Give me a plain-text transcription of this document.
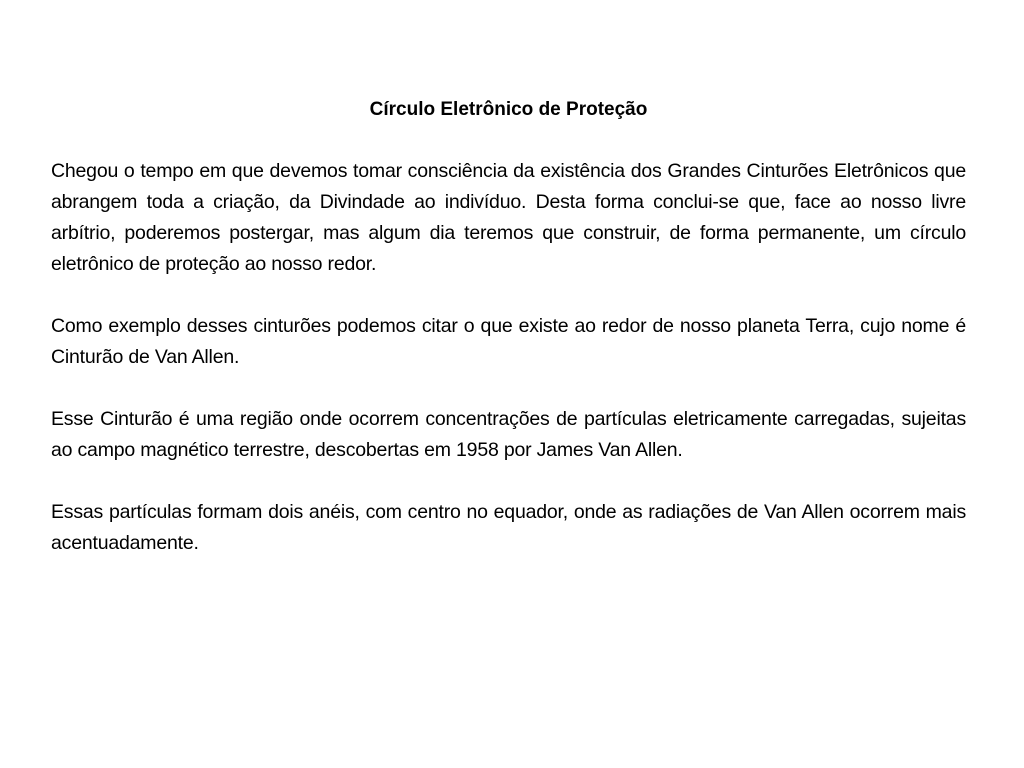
Círculo Eletrônico de Proteção

Chegou o tempo em que devemos tomar consciência da existência dos Grandes Cinturões Eletrônicos que abrangem toda a criação, da Divindade ao indivíduo. Desta forma conclui-se que, face ao nosso livre arbítrio, poderemos postergar, mas algum dia teremos que construir, de forma permanente, um círculo eletrônico de proteção ao nosso redor.

Como exemplo desses cinturões podemos citar o que existe ao redor de nosso planeta Terra, cujo nome é Cinturão de Van Allen.

Esse Cinturão é uma região onde ocorrem concentrações de partículas eletricamente carregadas, sujeitas ao campo magnético terrestre, descobertas em 1958 por James Van Allen.

Essas partículas formam dois anéis, com centro no equador, onde as radiações de Van Allen ocorrem mais acentuadamente.
